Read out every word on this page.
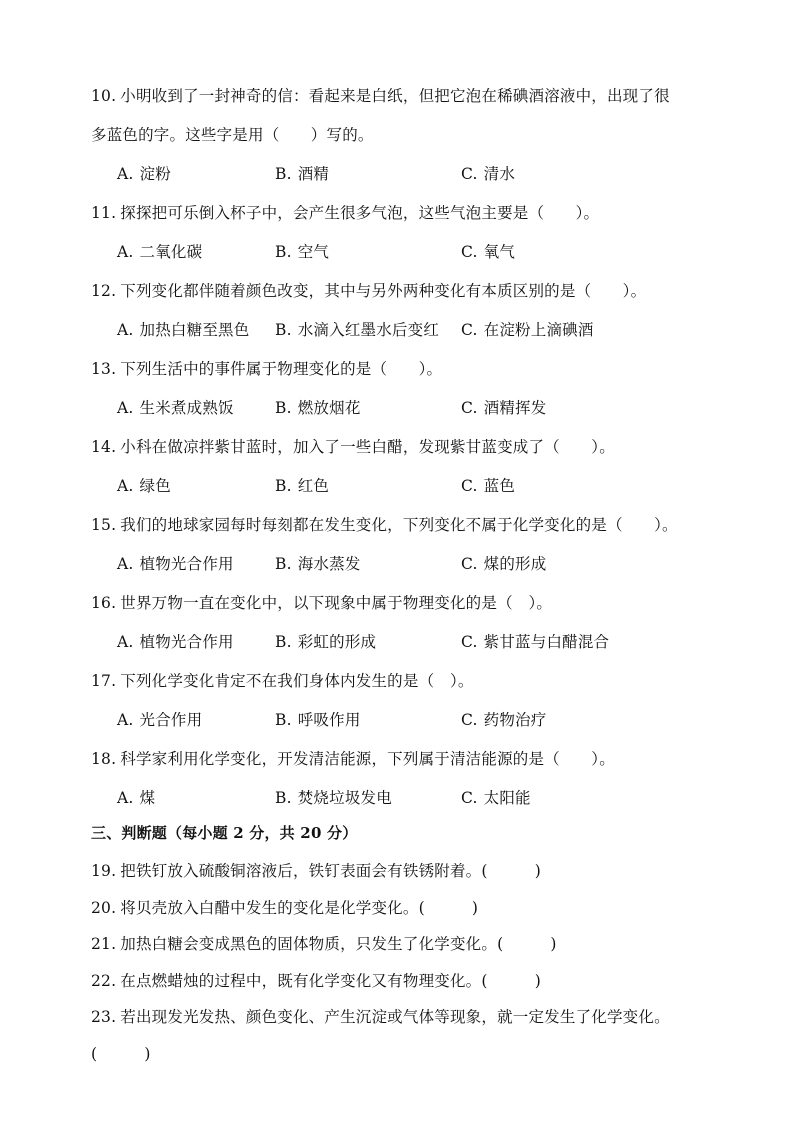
10. 小明收到了一封神奇的信：看起来是白纸，但把它泡在稀碘酒溶液中，出现了很
多蓝色的字。这些字是用（　　）写的。
A. 淀粉	B. 酒精	C. 清水
11. 探探把可乐倒入杯子中，会产生很多气泡，这些气泡主要是（　　）。
A. 二氧化碳	B. 空气	C. 氧气
12. 下列变化都伴随着颜色改变，其中与另外两种变化有本质区别的是（　　）。
A. 加热白糖至黑色 B. 水滴入红墨水后变红 C. 在淀粉上滴碘酒
13. 下列生活中的事件属于物理变化的是（　　）。
A. 生米煮成熟饭	B. 燃放烟花	C. 酒精挥发
14. 小科在做凉拌紫甘蓝时，加入了一些白醋，发现紫甘蓝变成了（　　）。
A. 绿色	B. 红色	C. 蓝色
15. 我们的地球家园每时每刻都在发生变化，下列变化不属于化学变化的是（　　）。
A. 植物光合作用	B. 海水蒸发	C. 煤的形成
16. 世界万物一直在变化中，以下现象中属于物理变化的是（　）。
A. 植物光合作用	B. 彩虹的形成	C. 紫甘蓝与白醋混合
17. 下列化学变化肯定不在我们身体内发生的是（　）。
A. 光合作用	B. 呼吸作用	C. 药物治疗
18. 科学家利用化学变化，开发清洁能源，下列属于清洁能源的是（　　）。
A. 煤	B. 焚烧垃圾发电	C. 太阳能
三、判断题（每小题 2 分，共 20 分）
19. 把铁钉放入硫酸铜溶液后，铁钉表面会有铁锈附着。(　　　)
20. 将贝壳放入白醋中发生的变化是化学变化。(　　　)
21. 加热白糖会变成黑色的固体物质，只发生了化学变化。(　　　)
22. 在点燃蜡烛的过程中，既有化学变化又有物理变化。(　　　)
23. 若出现发光发热、颜色变化、产生沉淀或气体等现象，就一定发生了化学变化。
(　　　)
